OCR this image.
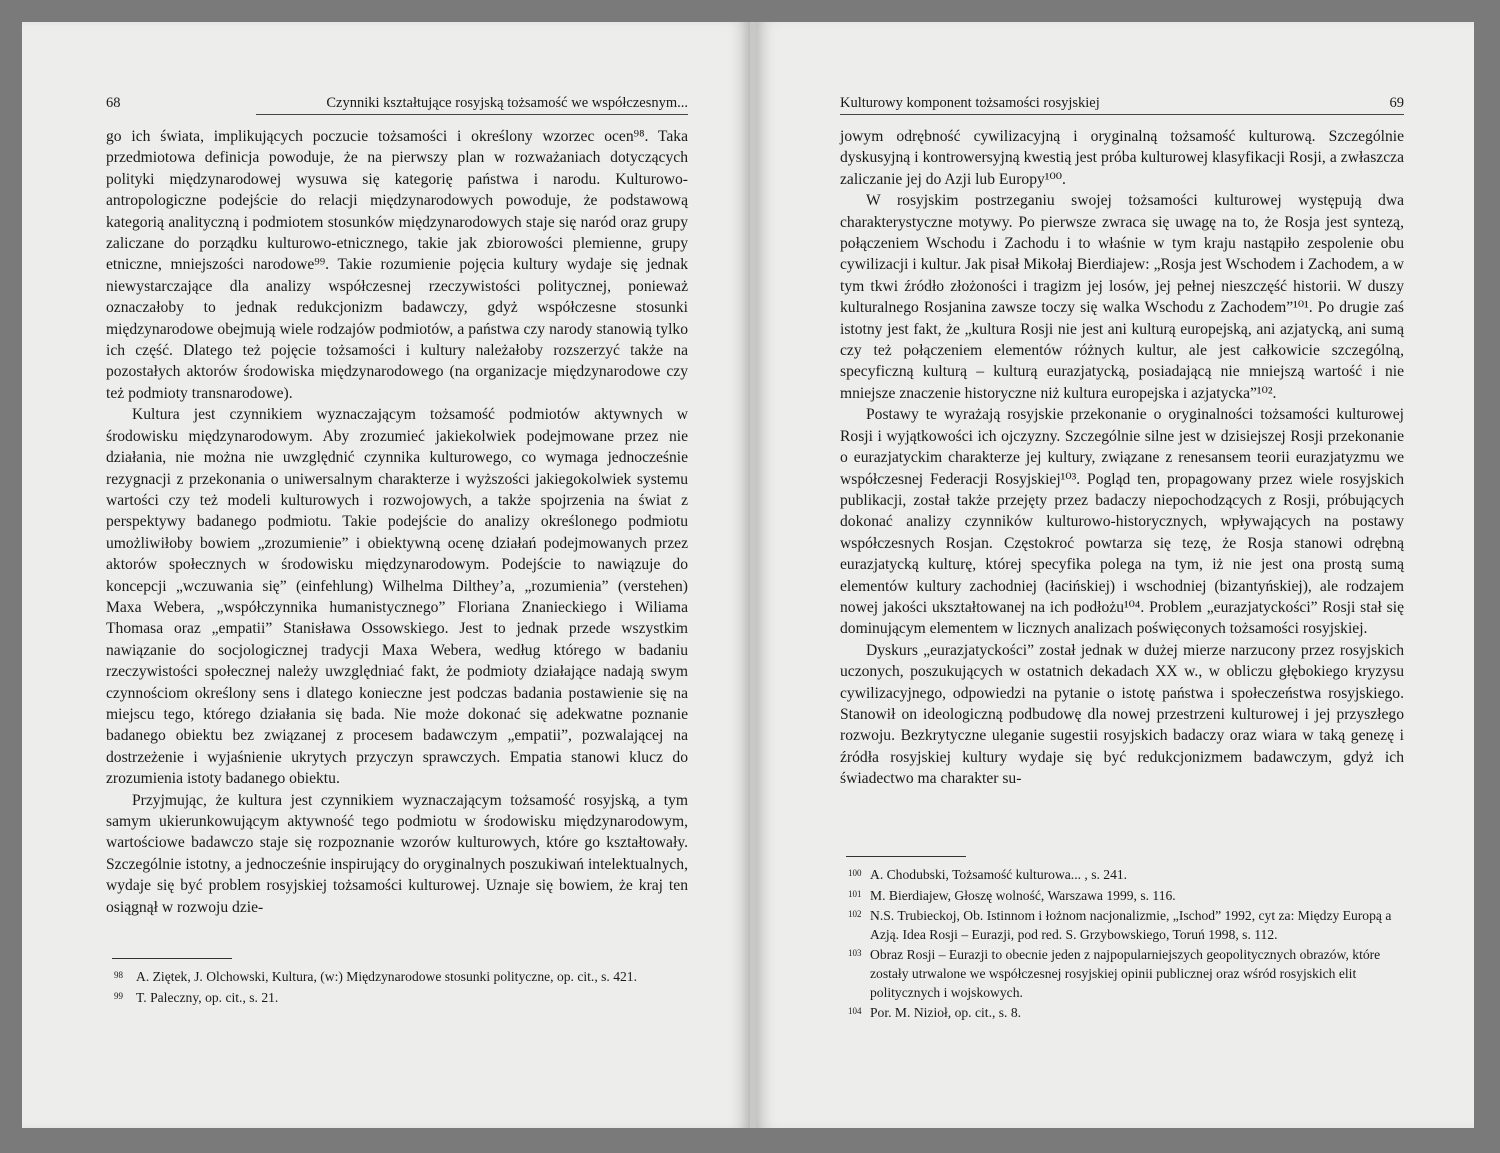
68	Czynniki kształtujące rosyjską tożsamość we współczesnym...

go ich świata, implikujących poczucie tożsamości i określony wzorzec ocen⁹⁸. Taka przedmiotowa definicja powoduje, że na pierwszy plan w rozważaniach dotyczących polityki międzynarodowej wysuwa się kategorię państwa i narodu. Kulturowo-antropologiczne podejście do relacji międzynarodowych powoduje, że podstawową kategorią analityczną i podmiotem stosunków międzynarodowych staje się naród oraz grupy zaliczane do porządku kulturowo-etnicznego, takie jak zbiorowości plemienne, grupy etniczne, mniejszości narodowe⁹⁹. Takie rozumienie pojęcia kultury wydaje się jednak niewystarczające dla analizy współczesnej rzeczywistości politycznej, ponieważ oznaczałoby to jednak redukcjonizm badawczy, gdyż współczesne stosunki międzynarodowe obejmują wiele rodzajów podmiotów, a państwa czy narody stanowią tylko ich część. Dlatego też pojęcie tożsamości i kultury należałoby rozszerzyć także na pozostałych aktorów środowiska międzynarodowego (na organizacje międzynarodowe czy też podmioty transnarodowe).

Kultura jest czynnikiem wyznaczającym tożsamość podmiotów aktywnych w środowisku międzynarodowym. Aby zrozumieć jakiekolwiek podejmowane przez nie działania, nie można nie uwzględnić czynnika kulturowego, co wymaga jednocześnie rezygnacji z przekonania o uniwersalnym charakterze i wyższości jakiegokolwiek systemu wartości czy też modeli kulturowych i rozwojowych, a także spojrzenia na świat z perspektywy badanego podmiotu. Takie podejście do analizy określonego podmiotu umożliwiłoby bowiem „zrozumienie” i obiektywną ocenę działań podejmowanych przez aktorów społecznych w środowisku międzynarodowym. Podejście to nawiązuje do koncepcji „wczuwania się” (einfehlung) Wilhelma Dilthey’a, „rozumienia” (verstehen) Maxa Webera, „współczynnika humanistycznego” Floriana Znanieckiego i Wiliama Thomasa oraz „empatii” Stanisława Ossowskiego. Jest to jednak przede wszystkim nawiązanie do socjologicznej tradycji Maxa Webera, według którego w badaniu rzeczywistości społecznej należy uwzględniać fakt, że podmioty działające nadają swym czynnościom określony sens i dlatego konieczne jest podczas badania postawienie się na miejscu tego, którego działania się bada. Nie może dokonać się adekwatne poznanie badanego obiektu bez związanej z procesem badawczym „empatii”, pozwalającej na dostrzeżenie i wyjaśnienie ukrytych przyczyn sprawczych. Empatia stanowi klucz do zrozumienia istoty badanego obiektu.

Przyjmując, że kultura jest czynnikiem wyznaczającym tożsamość rosyjską, a tym samym ukierunkowującym aktywność tego podmiotu w środowisku międzynarodowym, wartościowe badawczo staje się rozpoznanie wzorów kulturowych, które go kształtowały. Szczególnie istotny, a jednocześnie inspirujący do oryginalnych poszukiwań intelektualnych, wydaje się być problem rosyjskiej tożsamości kulturowej. Uznaje się bowiem, że kraj ten osiągnął w rozwoju dzie-

98 A. Ziętek, J. Olchowski, Kultura, (w:) Międzynarodowe stosunki polityczne, op. cit., s. 421.

99 T. Paleczny, op. cit., s. 21.

Kulturowy komponent tożsamości rosyjskiej	69

jowym odrębność cywilizacyjną i oryginalną tożsamość kulturową. Szczególnie dyskusyjną i kontrowersyjną kwestią jest próba kulturowej klasyfikacji Rosji, a zwłaszcza zaliczanie jej do Azji lub Europy¹⁰⁰.

W rosyjskim postrzeganiu swojej tożsamości kulturowej występują dwa charakterystyczne motywy. Po pierwsze zwraca się uwagę na to, że Rosja jest syntezą, połączeniem Wschodu i Zachodu i to właśnie w tym kraju nastąpiło zespolenie obu cywilizacji i kultur. Jak pisał Mikołaj Bierdiajew: „Rosja jest Wschodem i Zachodem, a w tym tkwi źródło złożoności i tragizm jej losów, jej pełnej nieszczęść historii. W duszy kulturalnego Rosjanina zawsze toczy się walka Wschodu z Zachodem”¹⁰¹. Po drugie zaś istotny jest fakt, że „kultura Rosji nie jest ani kulturą europejską, ani azjatycką, ani sumą czy też połączeniem elementów różnych kultur, ale jest całkowicie szczególną, specyficzną kulturą – kulturą eurazjatycką, posiadającą nie mniejszą wartość i nie mniejsze znaczenie historyczne niż kultura europejska i azjatycka”¹⁰².

Postawy te wyrażają rosyjskie przekonanie o oryginalności tożsamości kulturowej Rosji i wyjątkowości ich ojczyzny. Szczególnie silne jest w dzisiejszej Rosji przekonanie o eurazjatyckim charakterze jej kultury, związane z renesansem teorii eurazjatyzmu we współczesnej Federacji Rosyjskiej¹⁰³. Pogląd ten, propagowany przez wiele rosyjskich publikacji, został także przejęty przez badaczy niepochodzących z Rosji, próbujących dokonać analizy czynników kulturowo-historycznych, wpływających na postawy współczesnych Rosjan. Częstokroć powtarza się tezę, że Rosja stanowi odrębną eurazjatycką kulturę, której specyfika polega na tym, iż nie jest ona prostą sumą elementów kultury zachodniej (łacińskiej) i wschodniej (bizantyńskiej), ale rodzajem nowej jakości ukształtowanej na ich podłożu¹⁰⁴. Problem „eurazjatyckości” Rosji stał się dominującym elementem w licznych analizach poświęconych tożsamości rosyjskiej.

Dyskurs „eurazjatyckości” został jednak w dużej mierze narzucony przez rosyjskich uczonych, poszukujących w ostatnich dekadach XX w., w obliczu głębokiego kryzysu cywilizacyjnego, odpowiedzi na pytanie o istotę państwa i społeczeństwa rosyjskiego. Stanowił on ideologiczną podbudowę dla nowej przestrzeni kulturowej i jej przyszłego rozwoju. Bezkrytyczne uleganie sugestii rosyjskich badaczy oraz wiara w taką genezę i źródła rosyjskiej kultury wydaje się być redukcjonizmem badawczym, gdyż ich świadectwo ma charakter su-

100 A. Chodubski, Tożsamość kulturowa... , s. 241.

101 M. Bierdiajew, Głoszę wolność, Warszawa 1999, s. 116.

102 N.S. Trubieckoj, Ob. Istinnom i łożnom nacjonalizmie, „Ischod” 1992, cyt za: Między Europą a Azją. Idea Rosji – Eurazji, pod red. S. Grzybowskiego, Toruń 1998, s. 112.

103 Obraz Rosji – Eurazji to obecnie jeden z najpopularniejszych geopolitycznych obrazów, które zostały utrwalone we współczesnej rosyjskiej opinii publicznej oraz wśród rosyjskich elit politycznych i wojskowych.

104 Por. M. Nizioł, op. cit., s. 8.
